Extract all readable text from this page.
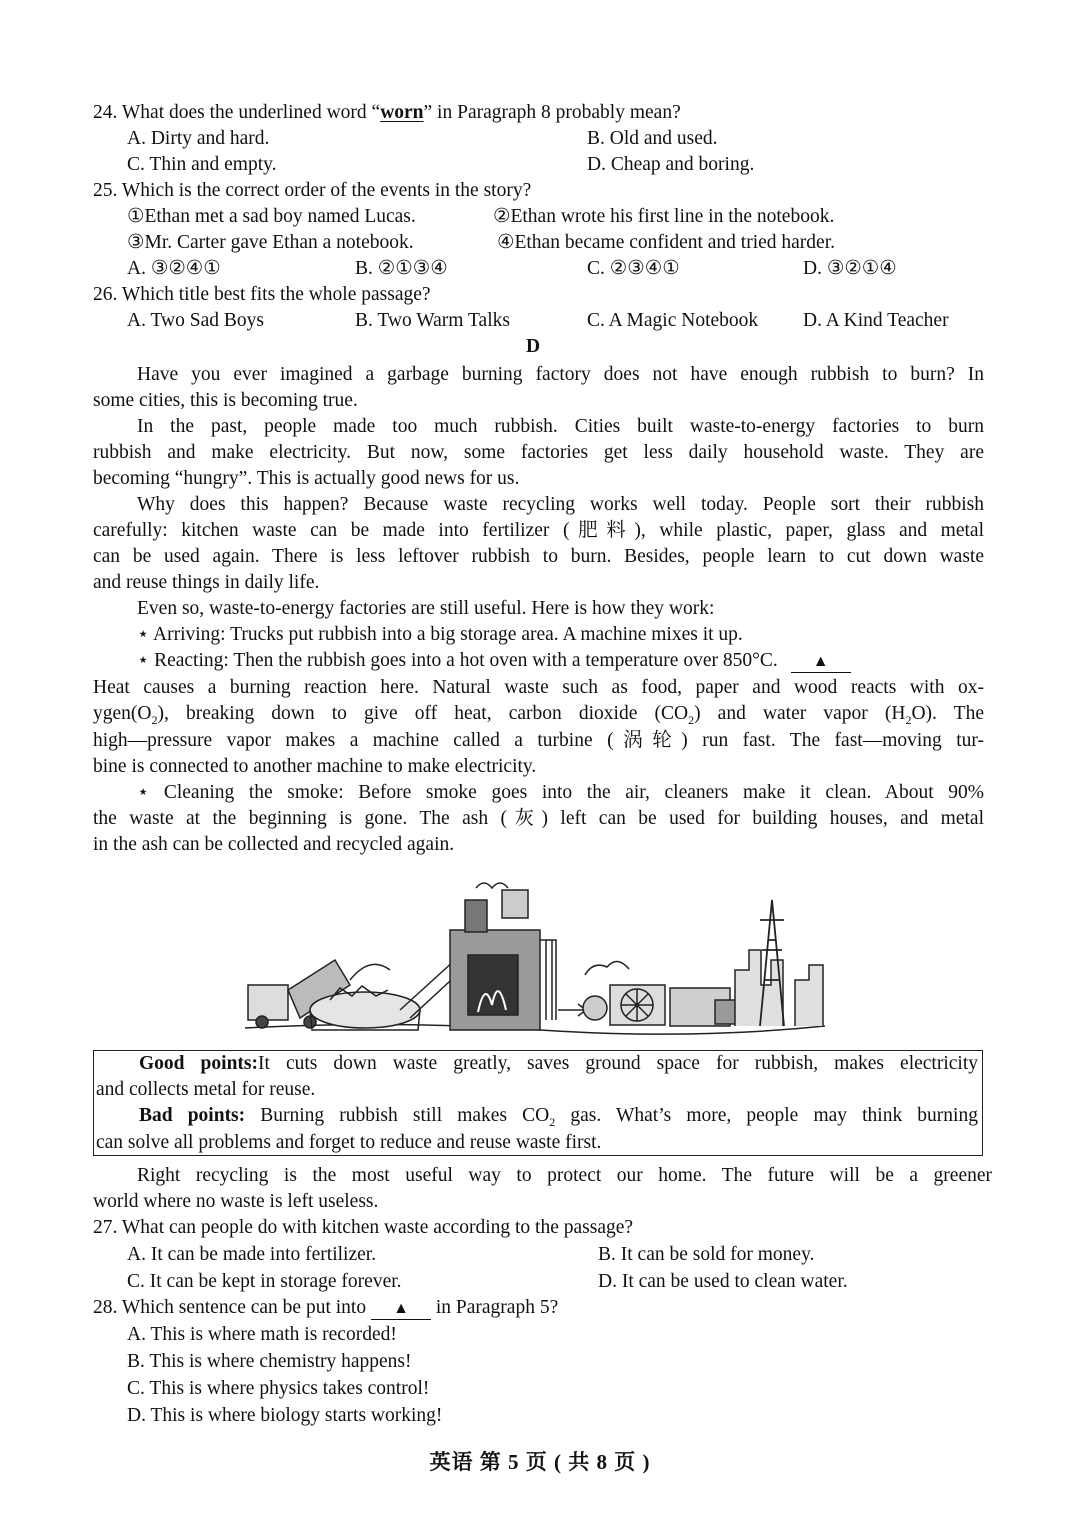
24. What does the underlined word “worn” in Paragraph 8 probably mean?
A. Dirty and hard.	B. Old and used.
C. Thin and empty.	D. Cheap and boring.
25. Which is the correct order of the events in the story?
①Ethan met a sad boy named Lucas.	②Ethan wrote his first line in the notebook.
③Mr. Carter gave Ethan a notebook.	④Ethan became confident and tried harder.
A. ③②④①	B. ②①③④	C. ②③④①	D. ③②①④
26. Which title best fits the whole passage?
A. Two Sad Boys	B. Two Warm Talks	C. A Magic Notebook D. A Kind Teacher
D
Have you ever imagined a garbage burning factory does not have enough rubbish to burn? In
some cities, this is becoming true.
In the past, people made too much rubbish. Cities built waste-to-energy factories to burn
rubbish and make electricity. But now, some factories get less daily household waste. They are
becoming “hungry”. This is actually good news for us.
Why does this happen? Because waste recycling works well today. People sort their rubbish
carefully: kitchen waste can be made into fertilizer (肥料), while plastic, paper, glass and metal
can be used again. There is less leftover rubbish to burn. Besides, people learn to cut down waste
and reuse things in daily life.
Even so, waste-to-energy factories are still useful. Here is how they work:
⋆ Arriving: Trucks put rubbish into a big storage area. A machine mixes it up.
⋆ Reacting: Then the rubbish goes into a hot oven with a temperature over 850°C. ▲
Heat causes a burning reaction here. Natural waste such as food, paper and wood reacts with ox-
$ygen(O_2)$, breaking down to give off heat, carbon dioxide $(CO_2)$ and water vapor $(H_2O)$. The
high—pressure vapor makes a machine called a turbine (涡轮) run fast. The fast—moving tur-
bine is connected to another machine to make electricity.
⋆ Cleaning the smoke: Before smoke goes into the air, cleaners make it clean. About 90%
the waste at the beginning is gone. The ash (灰) left can be used for building houses, and metal
in the ash can be collected and recycled again.
Good points:It cuts down waste greatly, saves ground space for rubbish, makes electricity
and collects metal for reuse.
Bad points: Burning rubbish still makes $CO_2$ gas. What’s more, people may think burning
can solve all problems and forget to reduce and reuse waste first.
Right recycling is the most useful way to protect our home. The future will be a greener
world where no waste is left useless.
27. What can people do with kitchen waste according to the passage?
A. It can be made into fertilizer.	B. It can be sold for money.
C. It can be kept in storage forever.	D. It can be used to clean water.
28. Which sentence can be put into ▲ in Paragraph 5?
A. This is where math is recorded!
B. This is where chemistry happens!
C. This is where physics takes control!
D. This is where biology starts working!
英语 第 5 页 ( 共 8 页 )
